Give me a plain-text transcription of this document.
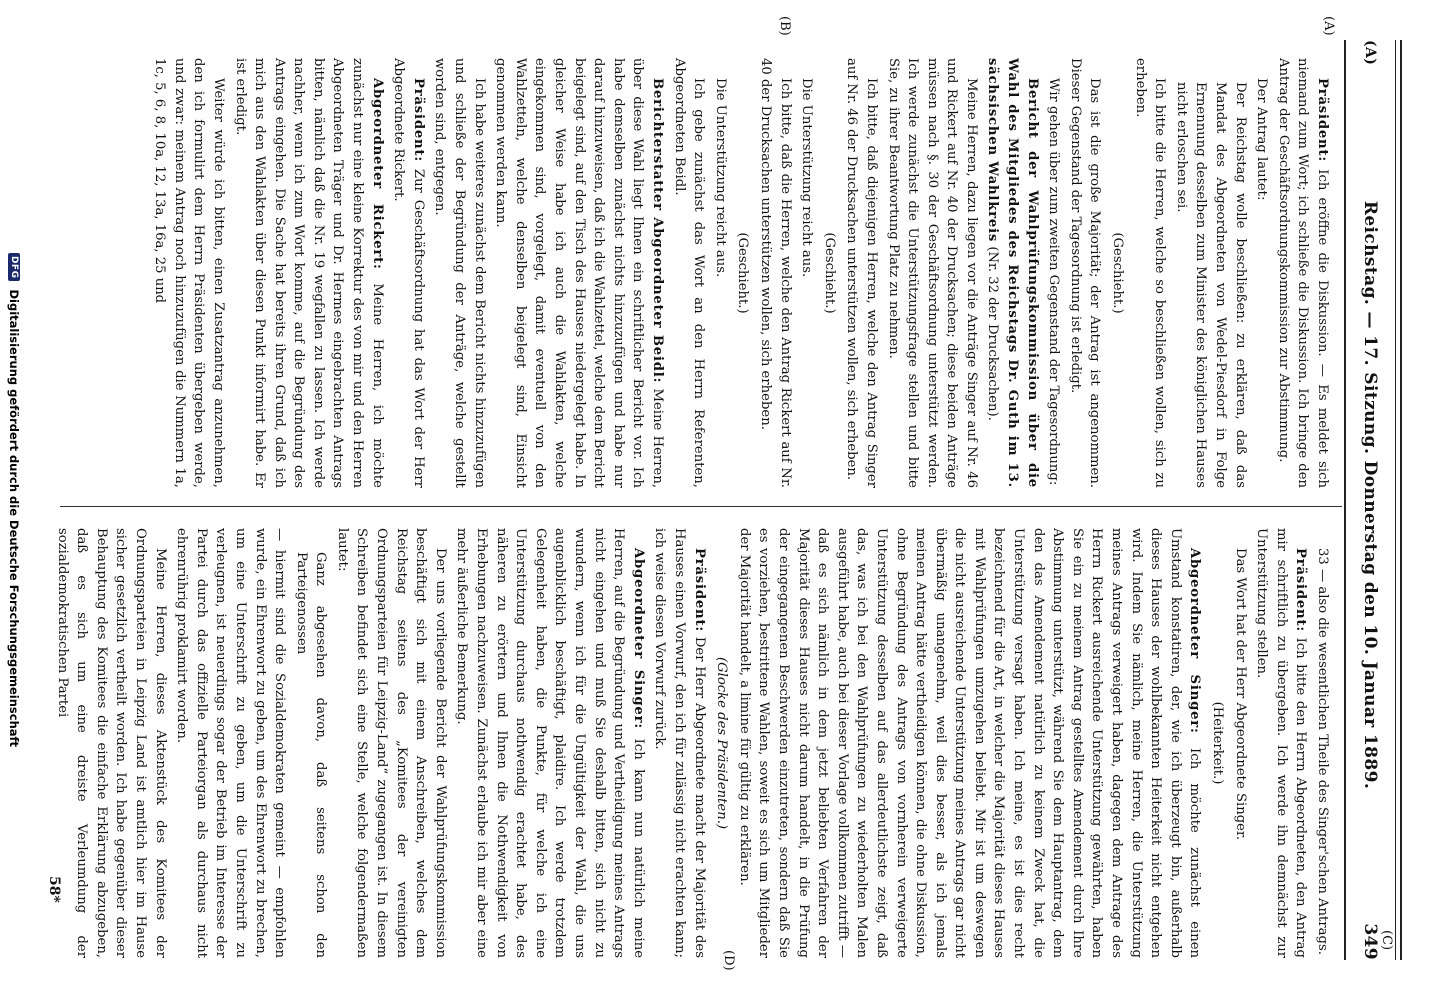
(A)
Reichstag. — 17. Sitzung. Donnerstag den 10. Januar 1889.
349
(A)
(B)
(C)
(D)

Präsident: Ich eröffne die Diskussion. — Es meldet sich niemand zum Wort; ich schließe die Diskussion. Ich bringe den Antrag der Geschäftsordnungskommission zur Abstimmung.

Der Antrag lautet:

Der Reichstag wolle beschließen: zu erklären, daß das Mandat des Abgeordneten von Wedel-Piesdorf in Folge Ernennung desselben zum Minister des königlichen Hauses nicht erloschen sei.

Ich bitte die Herren, welche so beschließen wollen, sich zu erheben.

(Geschieht.)

Das ist die große Majorität; der Antrag ist angenommen. Dieser Gegenstand der Tagesordnung ist erledigt.

Wir gehen über zum zweiten Gegenstand der Tagesordnung:

Bericht der Wahlprüfungskommission über die Wahl des Mitgliedes des Reichstags Dr. Guth im 13. sächsischen Wahlkreis (Nr. 32 der Drucksachen).

Meine Herren, dazu liegen vor die Anträge Singer auf Nr. 46 und Rickert auf Nr. 40 der Drucksachen; diese beiden Anträge müssen nach §. 30 der Geschäftsordnung unterstützt werden. Ich werde zunächst die Unterstützungsfrage stellen und bitte Sie, zu ihrer Beantwortung Platz zu nehmen.

Ich bitte, daß diejenigen Herren, welche den Antrag Singer auf Nr. 46 der Drucksachen unterstützen wollen, sich erheben.

(Geschieht.)

Die Unterstützung reicht aus.

Ich bitte, daß die Herren, welche den Antrag Rickert auf Nr. 40 der Drucksachen unterstützen wollen, sich erheben.

(Geschieht.)

Die Unterstützung reicht aus.

Ich gebe zunächst das Wort an den Herrn Referenten, Abgeordneten Beidl.

Berichterstatter Abgeordneter Beidl: Meine Herren, über diese Wahl liegt Ihnen ein schriftlicher Bericht vor. Ich habe demselben zunächst nichts hinzuzufügen und habe nur darauf hinzuweisen, daß ich die Wahlzettel, welche dem Bericht beigelegt sind, auf den Tisch des Hauses niedergelegt habe. In gleicher Weise habe ich auch die Wahlakten, welche eingekommen sind, vorgelegt, damit eventuell von den Wahlzetteln, welche denselben beigelegt sind, Einsicht genommen werden kann.

Ich habe weiteres zunächst dem Bericht nichts hinzuzufügen und schließe der Begründung der Anträge, welche gestellt worden sind, entgegen.

Präsident: Zur Geschäftsordnung hat das Wort der Herr Abgeordnete Rickert.

Abgeordneter Rickert: Meine Herren, ich möchte zunächst nur eine kleine Korrektur des von mir und den Herren Abgeordneten Träger und Dr. Hermes eingebrachten Antrags bitten, nämlich daß die Nr. 19 wegfallen zu lassen. Ich werde nachher, wenn ich zum Wort komme, auf die Begründung des Antrags eingehen. Die Sache hat bereits ihren Grund, daß ich mich aus den Wahlakten über diesen Punkt informirt habe. Er ist erledigt.

Weiter würde ich bitten, einen Zusatzantrag anzunehmen, den ich formulirt dem Herrn Präsidenten übergeben werde, und zwar: meinem Antrag noch hinzuzufügen die Nummern 1a, 1c, 5, 6, 8, 10a, 12, 13a, 16a, 25 und

33 — also die wesentlichen Theile des Singer'schen Antrags.

Präsident: Ich bitte den Herrn Abgeordneten, den Antrag mir schriftlich zu übergeben. Ich werde ihn demnächst zur Unterstützung stellen.

Das Wort hat der Herr Abgeordnete Singer.

(Heiterkeit.)

Abgeordneter Singer: Ich möchte zunächst einen Umstand konstatiren, der, wie ich überzeugt bin, außerhalb dieses Hauses der wohlbekannten Heiterkeit nicht entgehen wird. Indem Sie nämlich, meine Herren, die Unterstützung meines Antrags verweigert haben, dagegen dem Antrage des Herrn Rickert ausreichende Unterstützung gewährten, haben Sie ein zu meinem Antrag gestelltes Amendement durch Ihre Abstimmung unterstützt, während Sie dem Hauptantrag, dem den das Amendement natürlich zu keinem Zweck hat, die Unterstützung versagt haben. Ich meine, es ist dies recht bezeichnend für die Art, in welcher die Majorität dieses Hauses mit Wahlprüfungen umzugehen beliebt. Mir ist um deswegen die nicht ausreichende Unterstützung meines Antrags gar nicht übermäßig unangenehm, weil dies besser, als ich jemals meinen Antrag hätte vertheidigen können, die ohne Diskussion, ohne Begründung des Antrags von vornherein verweigerte Unterstützung desselben auf das allerdeutlichste zeigt, daß das, was ich bei den Wahlprüfungen zu wiederholten Malen ausgeführt habe, auch bei dieser Vorlage vollkommen zutrifft — daß es sich nämlich in dem jetzt beliebten Verfahren der Majorität dieses Hauses nicht darum handelt, in die Prüfung der eingegangenen Beschwerden einzutreten, sondern daß Sie es vorziehen, bestrittene Wahlen, soweit es sich um Mitglieder der Majorität handelt, a limine für gültig zu erklären.

(Glocke des Präsidenten.)

Präsident: Der Herr Abgeordnete macht der Majorität des Hauses einen Vorwurf, den ich für zulässig nicht erachten kann; ich weise diesen Vorwurf zurück.

Abgeordneter Singer: Ich kann nun natürlich meine Herren, auf die Begründung und Vertheidigung meines Antrags nicht eingehen und muß Sie deshalb bitten, sich nicht zu wundern, wenn ich für die Ungültigkeit der Wahl, die uns augenblicklich beschäftigt, plaidire. Ich werde trotzdem Gelegenheit haben, die Punkte, für welche ich eine Unterstützung durchaus nothwendig erachtet habe, des näheren zu erörtern und Ihnen die Nothwendigkeit von Erhebungen nachzuweisen. Zunächst erlaube ich mir aber eine mehr äußerliche Bemerkung.

Der uns vorliegende Bericht der Wahlprüfungskommission beschäftigt sich mit einem Anschreiben, welches dem Reichstag seitens des „Komitees der vereinigten Ordnungsparteien für Leipzig-Land“ zugegangen ist. In diesem Schreiben befindet sich eine Stelle, welche folgendermaßen lautet:

Ganz abgesehen davon, daß seitens schon den Parteigenossen

— hiermit sind die Sozialdemokraten gemeint — empfohlen wurde, ein Ehrenwort zu geben, um des Ehrenwort zu brechen, um eine Unterschrift zu geben, um die Unterschrift zu verleugnen, ist neuerdings sogar der Betrieb im Interesse der Partei durch das offizielle Parteiorgan als durchaus nicht ehrenrührig proklamirt worden.

Meine Herren, dieses Aktenstück des Komitees der Ordnungsparteien in Leipzig Land ist amtlich hier im Hause sicher gesetzlich vertheilt worden. Ich habe gegenüber dieser Behauptung des Komitees die einfache Erklärung abzugeben, daß es sich um eine dreiste Verleumdung der sozialdemokratischen Partei

58*
DFG
Digitalisierung gefördert durch die Deutsche Forschungsgemeinschaft
